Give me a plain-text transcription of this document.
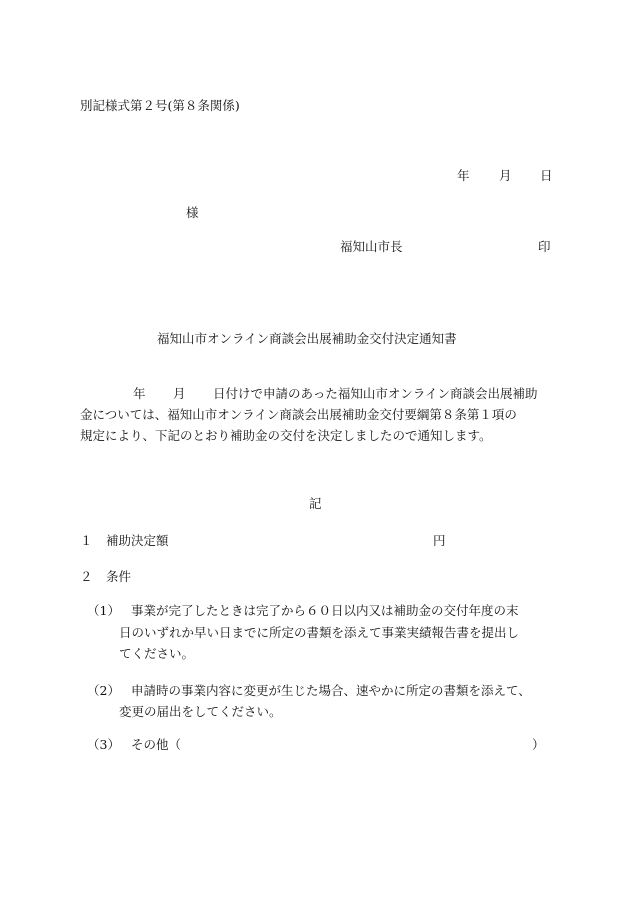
別記様式第２号(第８条関係)
年 月 日
様
福知山市長	印
福知山市オンライン商談会出展補助金交付決定通知書
年 月 日付けで申請のあった福知山市オンライン商談会出展補助
金については、福知山市オンライン商談会出展補助金交付要綱第８条第１項の
規定により、下記のとおり補助金の交付を決定しましたので通知します。
記
１ 補助決定額	円
２ 条件
（1） 事業が完了したときは完了から６０日以内又は補助金の交付年度の末
日のいずれか早い日までに所定の書類を添えて事業実績報告書を提出し
てください。
（2） 申請時の事業内容に変更が生じた場合、速やかに所定の書類を添えて、
変更の届出をしてください。
（3） その他（	）
